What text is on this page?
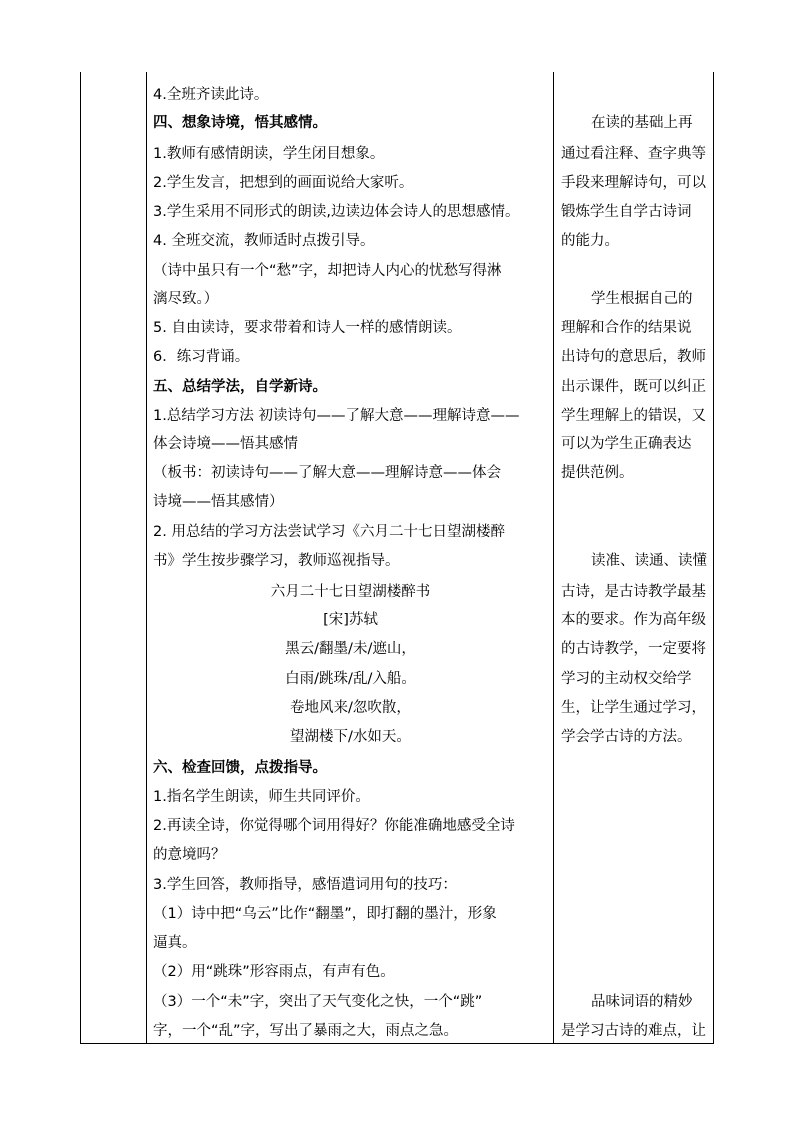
4.全班齐读此诗。
四、想象诗境，悟其感情。
1.教师有感情朗读，学生闭目想象。
2.学生发言，把想到的画面说给大家听。
3.学生采用不同形式的朗读,边读边体会诗人的思想感情。
4. 全班交流，教师适时点拨引导。
（诗中虽只有一个“愁”字，却把诗人内心的忧愁写得淋
漓尽致。）
5. 自由读诗，要求带着和诗人一样的感情朗读。
6．练习背诵。
五、总结学法，自学新诗。
1.总结学习方法 初读诗句——了解大意——理解诗意——
体会诗境——悟其感情
（板书：初读诗句——了解大意——理解诗意——体会
诗境——悟其感情）
2. 用总结的学习方法尝试学习《六月二十七日望湖楼醉
书》学生按步骤学习，教师巡视指导。
六月二十七日望湖楼醉书
[宋]苏轼
黑云/翻墨/未/遮山，
白雨/跳珠/乱/入船。
卷地风来/忽吹散，
望湖楼下/水如天。
六、检查回馈，点拨指导。
1.指名学生朗读，师生共同评价。
2.再读全诗，你觉得哪个词用得好？你能准确地感受全诗
的意境吗？
3.学生回答，教师指导，感悟遣词用句的技巧：
（1）诗中把“乌云”比作“翻墨”，即打翻的墨汁，形象
逼真。
（2）用“跳珠”形容雨点，有声有色。
（3）一个“未”字，突出了天气变化之快，一个“跳”
字，一个“乱”字，写出了暴雨之大，雨点之急。
在读的基础上再
通过看注释、查字典等
手段来理解诗句，可以
锻炼学生自学古诗词
的能力。
学生根据自己的
理解和合作的结果说
出诗句的意思后，教师
出示课件，既可以纠正
学生理解上的错误，又
可以为学生正确表达
提供范例。
读准、读通、读懂
古诗，是古诗教学最基
本的要求。作为高年级
的古诗教学，一定要将
学习的主动权交给学
生，让学生通过学习，
学会学古诗的方法。
品味词语的精妙
是学习古诗的难点，让
